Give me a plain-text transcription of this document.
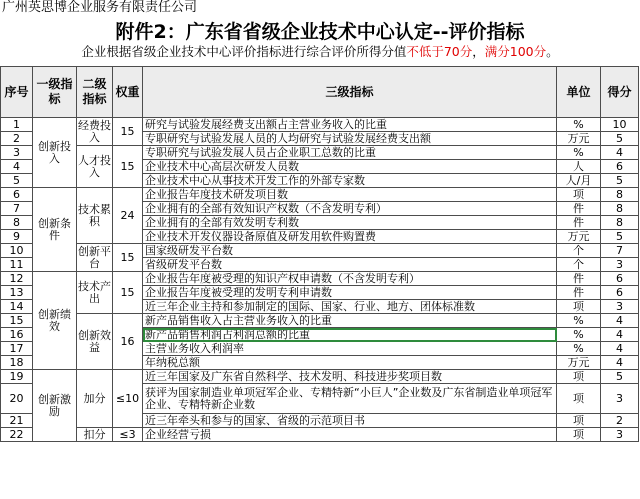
广州英思博企业服务有限责任公司
附件2：广东省省级企业技术中心认定--评价指标
企业根据省级企业技术中心评价指标进行综合评价所得分值不低于70分，满分100分。
序号	一级指标	二级指标	权重	三级指标	单位	得分
1	创新投入	经费投入	15	研究与试验发展经费支出额占主营业务收入的比重	%	10
2				专职研究与试验发展人员的人均研究与试验发展经费支出额	万元	5
3		人才投入	15	专职研究与试验发展人员占企业职工总数的比重	%	4
4				企业技术中心高层次研发人员数	人	6
5				企业技术中心从事技术开发工作的外部专家数	人/月	5
6	创新条件	技术累积	24	企业报告年度技术研发项目数	项	8
7				企业拥有的全部有效知识产权数（不含发明专利）	件	8
8				企业拥有的全部有效发明专利数	件	8
9				企业技术开发仪器设备原值及研发用软件购置费	万元	5
10		创新平台	15	国家级研发平台数	个	7
11				省级研发平台数	个	3
12	创新绩效	技术产出	15	企业报告年度被受理的知识产权申请数（不含发明专利）	件	6
13				企业报告年度被受理的发明专利申请数	件	6
14				近三年企业主持和参加制定的国际、国家、行业、地方、团体标准数	项	3
15		创新效益	16	新产品销售收入占主营业务收入的比重	%	4
16				新产品销售利润占利润总额的比重	%	4
17				主营业务收入利润率	%	4
18				年纳税总额	万元	4
19	创新激励	加分	≤10	近三年国家及广东省自然科学、技术发明、科技进步奖项目数	项	5
20				获评为国家制造业单项冠军企业、专精特新“小巨人”企业数及广东省制造业单项冠军企业、专精特新企业数	项	3
21				近三年牵头和参与的国家、省级的示范项目书	项	2
22		扣分	≤3	企业经营亏损	项	3
